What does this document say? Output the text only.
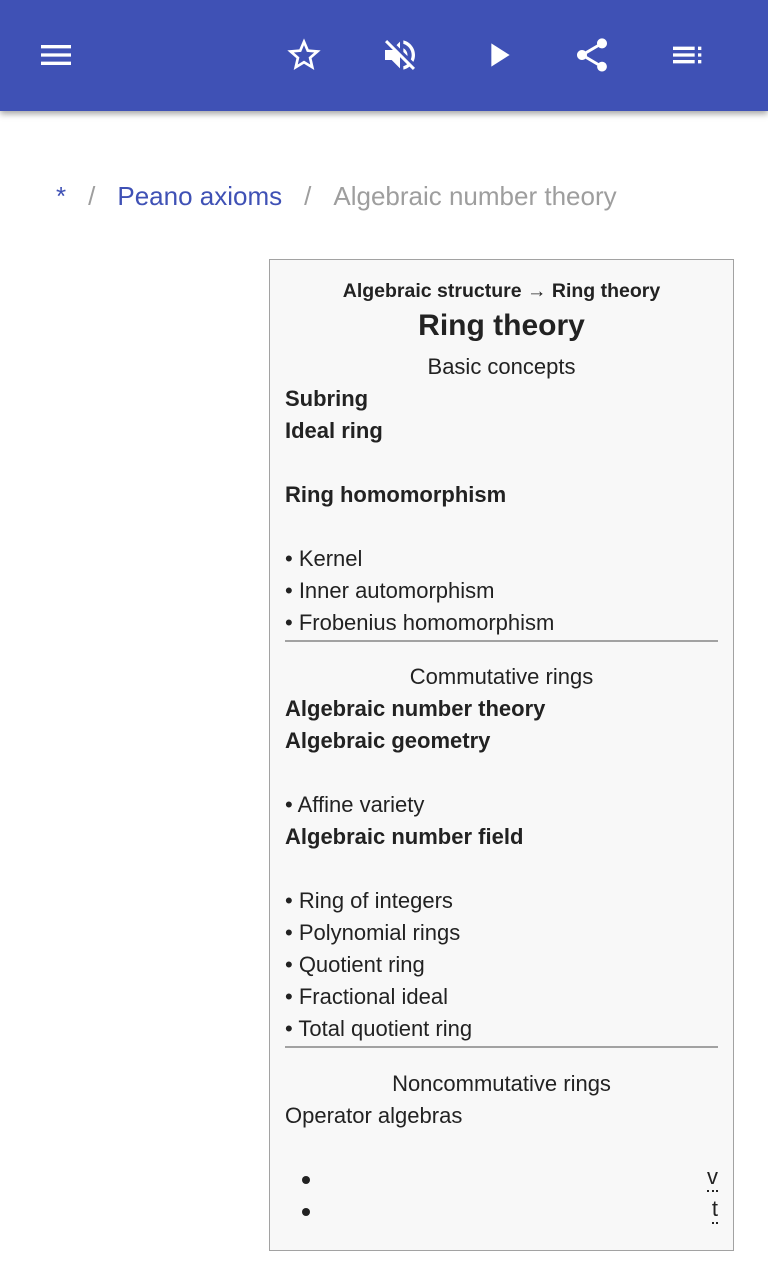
* / Peano axioms / Algebraic number theory
Algebraic structure → Ring theory
Ring theory
Basic concepts
Subring
Ideal ring
Ring homomorphism
• Kernel
• Inner automorphism
• Frobenius homomorphism
Commutative rings
Algebraic number theory
Algebraic geometry
• Affine variety
Algebraic number field
• Ring of integers
• Polynomial rings
• Quotient ring
• Fractional ideal
• Total quotient ring
Noncommutative rings
Operator algebras
v
t
